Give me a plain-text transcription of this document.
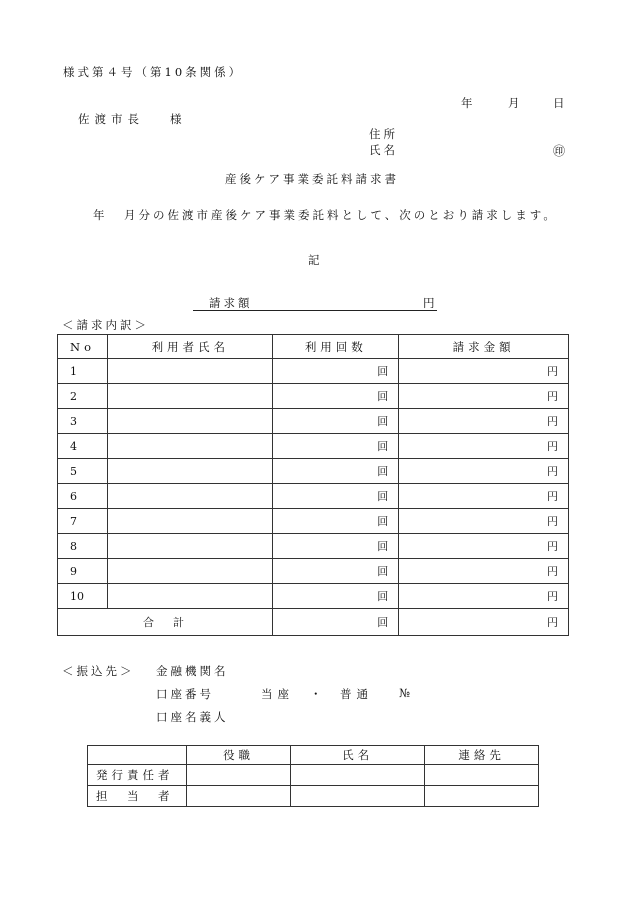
様式第４号（第10条関係）
年	月	日
佐渡市長 様
住所
氏名	㊞
産後ケア事業委託料請求書
年 月分の佐渡市産後ケア事業委託料として、次のとおり請求します。
記
請求額	円
＜請求内訳＞
No	利用者氏名	利用回数	請求金額
1		回	円
2		回	円
3		回	円
4		回	円
5		回	円
6		回	円
7		回	円
8		回	円
9		回	円
10		回	円
合　計		回	円
＜振込先＞ 金融機関名
口座番号	当座 ・ 普通 №
口座名義人
	役職	氏名	連絡先
発行責任者			
担　当　者			
